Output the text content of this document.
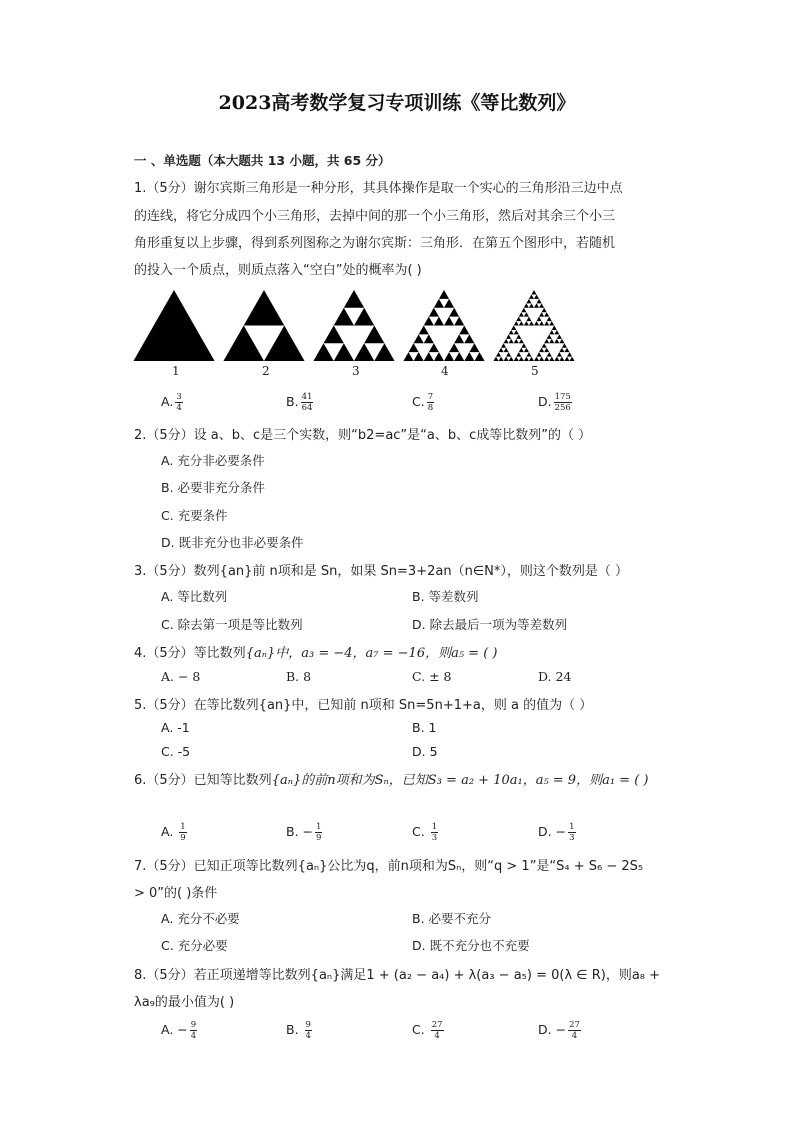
2023高考数学复习专项训练《等比数列》
一 、单选题（本大题共 13 小题，共 65 分）
1.（5分）谢尔宾斯三角形是一种分形，其具体操作是取一个实心的三角形沿三边中点
的连线，将它分成四个小三角形，去掉中间的那一个小三角形，然后对其余三个小三
角形重复以上步骤，得到系列图称之为谢尔宾斯：三角形．在第五个图形中，若随机
的投入一个质点，则质点落入“空白”处的概率为( )
1	2	3	4	5
A. $\frac{3}{4}$	B. $\frac{41}{64}$	C. $\frac{7}{8}$	D. $\frac{175}{256}$
2.（5分）设 a、b、c是三个实数，则“b2=ac”是“a、b、c成等比数列”的（ ）
A. 充分非必要条件
B. 必要非充分条件
C. 充要条件
D. 既非充分也非必要条件
3.（5分）数列{an}前 n项和是 Sn，如果 Sn=3+2an（n∈N*），则这个数列是（ ）
A. 等比数列	B. 等差数列
C. 除去第一项是等比数列	D. 除去最后一项为等差数列
4.（5分）等比数列{aₙ}中，a₃ = −4，a₇ = −16，则a₅ = ( )
A. − 8	B. 8	C. ± 8	D. 24
5.（5分）在等比数列{an}中，已知前 n项和 Sn=5n+1+a，则 a 的值为（ ）
A. -1	B. 1
C. -5	D. 5
6.（5分）已知等比数列{aₙ}的前n项和为Sₙ，已知S₃ = a₂ + 10a₁，a₅ = 9，则a₁ = ( )
A. $\frac{1}{9}$	B. − $\frac{1}{9}$	C. $\frac{1}{3}$	D. − $\frac{1}{3}$
7.（5分）已知正项等比数列{aₙ}公比为q，前n项和为Sₙ，则“q > 1”是“S₄ + S₆ − 2S₅
> 0”的( )条件
A. 充分不必要	B. 必要不充分
C. 充分必要	D. 既不充分也不充要
8.（5分）若正项递增等比数列{aₙ}满足1 + (a₂ − a₄) + λ(a₃ − a₅) = 0(λ ∈ R)，则a₈ +
λa₉的最小值为( )
A. − $\frac{9}{4}$	B. $\frac{9}{4}$	C. $\frac{27}{4}$	D. − $\frac{27}{4}$
